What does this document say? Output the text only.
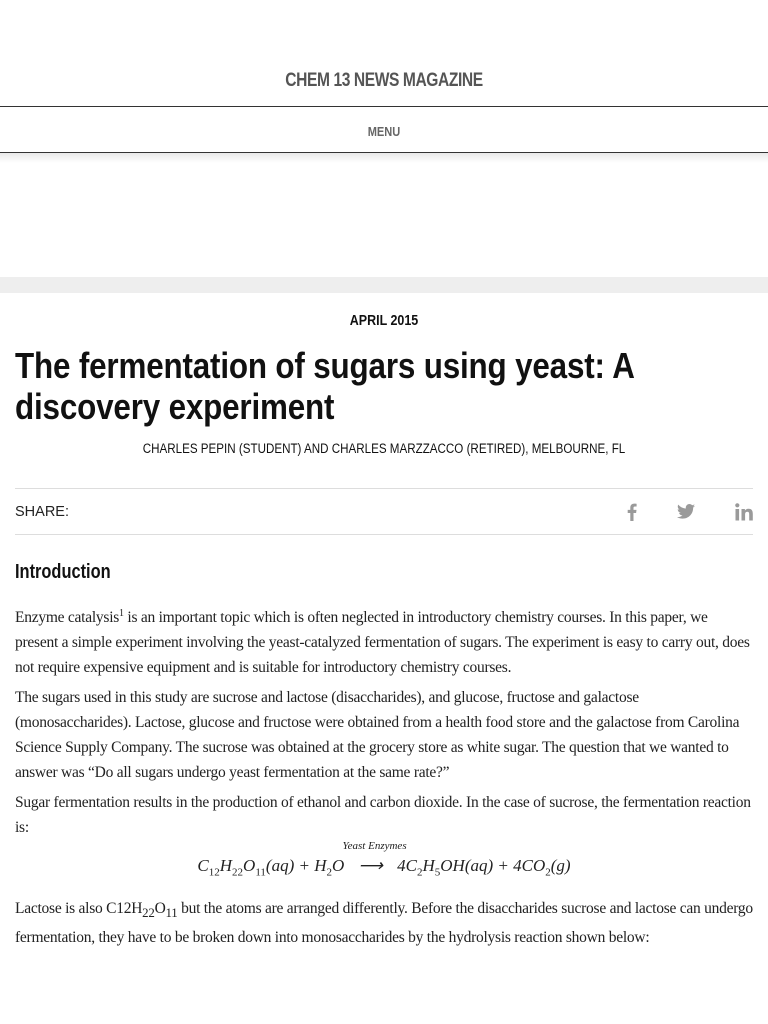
CHEM 13 NEWS MAGAZINE
MENU
APRIL 2015
The fermentation of sugars using yeast: A discovery experiment
CHARLES PEPIN (STUDENT) AND CHARLES MARZZACCO (RETIRED), MELBOURNE, FL
SHARE:
Introduction

Enzyme catalysis$^1$ is an important topic which is often neglected in introductory chemistry courses. In this paper, we present a simple experiment involving the yeast-catalyzed fermentation of sugars. The experiment is easy to carry out, does not require expensive equipment and is suitable for introductory chemistry courses.

The sugars used in this study are sucrose and lactose (disaccharides), and glucose, fructose and galactose (monosaccharides). Lactose, glucose and fructose were obtained from a health food store and the galactose from Carolina Science Supply Company. The sucrose was obtained at the grocery store as white sugar. The question that we wanted to answer was “Do all sugars undergo yeast fermentation at the same rate?”

Sugar fermentation results in the production of ethanol and carbon dioxide. In the case of sucrose, the fermentation reaction is:

$C_{12}H_{22}O_{11}(aq) + H_2O$
Yeast Enzymes
⟶ $4C_2H_5OH(aq) + 4CO_2(g)$

Lactose is also $C12H_{22}O_{11}$ but the atoms are arranged differently. Before the disaccharides sucrose and lactose can undergo fermentation, they have to be broken down into monosaccharides by the hydrolysis reaction shown below:
